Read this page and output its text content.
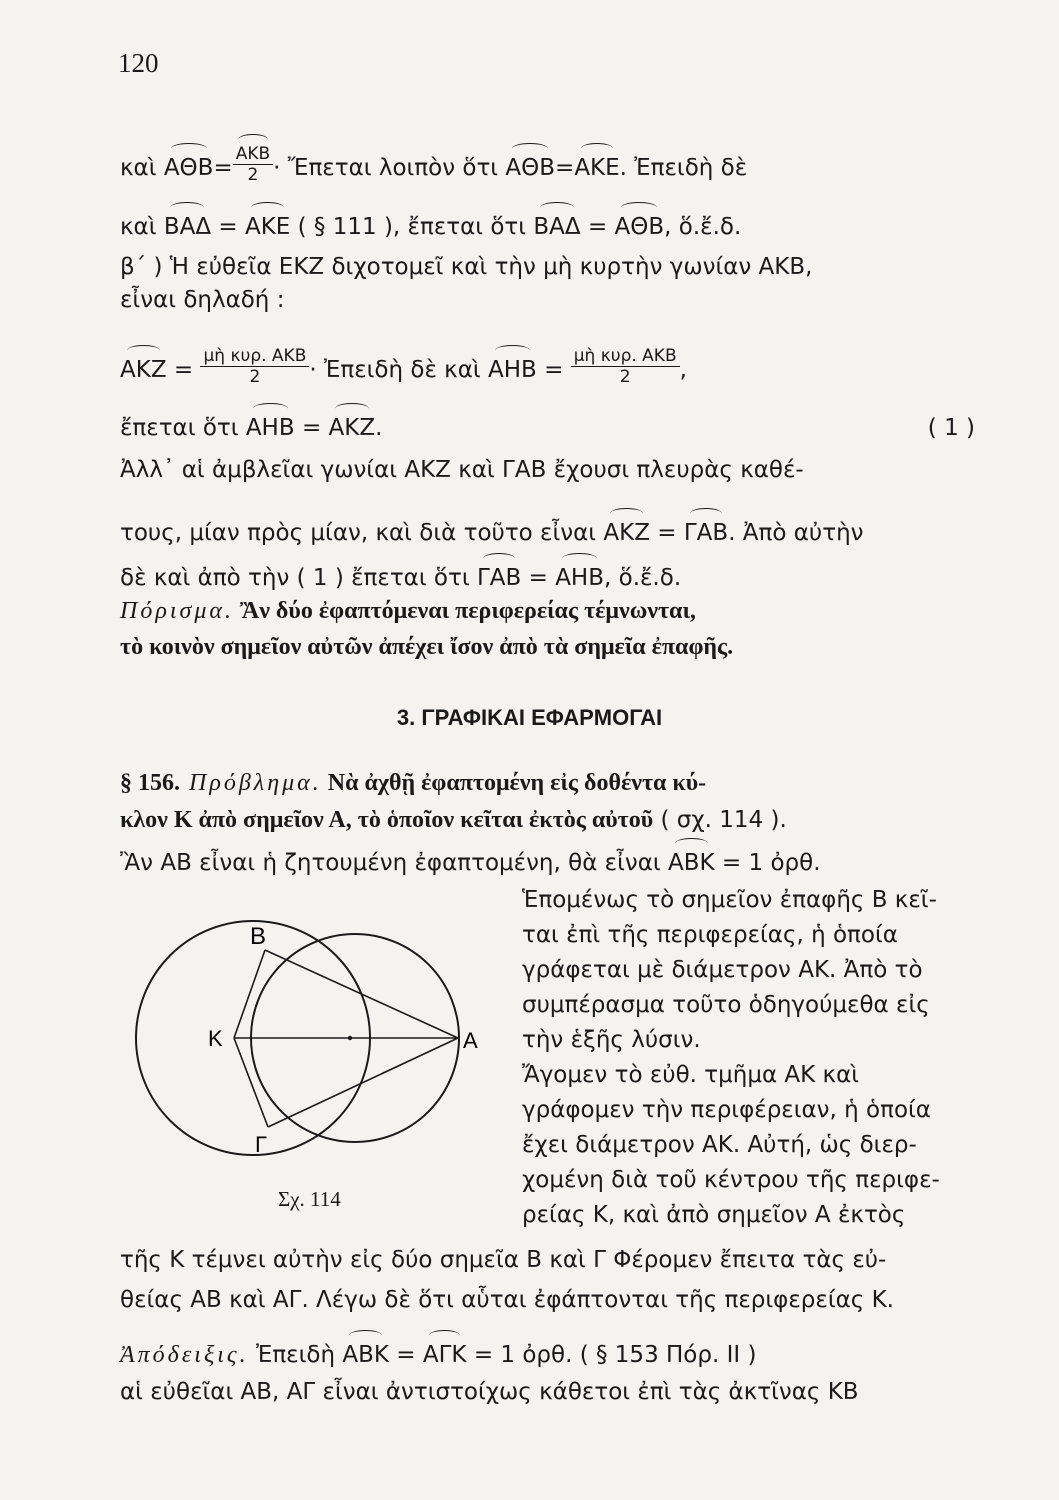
120
καὶ $A\Theta B= \frac{\text{ΑΚΒ}}{2}$ · Ἔπεται λοιπὸν ὅτι ΑΘΒ=ΑΚΕ. Ἐπειδὴ δὲ
καὶ ΒΑΔ = ΑΚΕ ( § 111 ), ἔπεται ὅτι ΒΑΔ = ΑΘΒ, ὅ.ἔ.δ.
β΄ ) Ἡ εὐθεῖα ΕΚΖ διχοτομεῖ καὶ τὴν μὴ κυρτὴν γωνίαν ΑΚΒ,
εἶναι δηλαδή :
$AKZ = \frac{\text{μὴ κυρ. ΑΚΒ}}{2}$ · Ἐπειδὴ δὲ καὶ $AHB = \frac{\text{μὴ κυρ. ΑΚΒ}}{2}$ ,
ἔπεται ὅτι ΑΗΒ = ΑΚΖ.	( 1 )
Ἀλλ᾽ αἱ ἀμβλεῖαι γωνίαι ΑΚΖ καὶ ΓΑΒ ἔχουσι πλευρὰς καθέ-
τους, μίαν πρὸς μίαν, καὶ διὰ τοῦτο εἶναι ΑΚΖ = ΓΑΒ. Ἀπὸ αὐτὴν
δὲ καὶ ἀπὸ τὴν ( 1 ) ἔπεται ὅτι ΓΑΒ = ΑΗΒ, ὅ.ἔ.δ.
Πόρισμα. Ἂν δύο ἐφαπτόμεναι περιφερείας τέμνωνται,
τὸ κοινὸν σημεῖον αὐτῶν ἀπέχει ἴσον ἀπὸ τὰ σημεῖα ἐπαφῆς.
3. ΓΡΑΦΙΚΑΙ ΕΦΑΡΜΟΓΑΙ
§ 156. Πρόβλημα. Νὰ ἀχθῇ ἐφαπτομένη εἰς δοθέντα κύ-
κλον Κ ἀπὸ σημεῖον Α, τὸ ὁποῖον κεῖται ἐκτὸς αὐτοῦ ( σχ. 114 ).
Ἂν ΑΒ εἶναι ἡ ζητουμένη ἐφαπτομένη, θὰ εἶναι ΑΒΚ = 1 ὀρθ.
Ἑπομένως τὸ σημεῖον ἐπαφῆς Β κεῖ-
ται ἐπὶ τῆς περιφερείας, ἡ ὁποία
γράφεται μὲ διάμετρον ΑΚ. Ἀπὸ τὸ
συμπέρασμα τοῦτο ὁδηγούμεθα εἰς
τὴν ἑξῆς λύσιν.
Ἄγομεν τὸ εὐθ. τμῆμα ΑΚ καὶ
γράφομεν τὴν περιφέρειαν, ἡ ὁποία
ἔχει διάμετρον ΑΚ. Αὐτή, ὡς διερ-
χομένη διὰ τοῦ κέντρου τῆς περιφε-
ρείας Κ, καὶ ἀπὸ σημεῖον Α ἐκτὸς
Β
Κ	Α
Γ
Σχ. 114
τῆς Κ τέμνει αὐτὴν εἰς δύο σημεῖα Β καὶ Γ Φέρομεν ἔπειτα τὰς εὐ-
θείας ΑΒ καὶ ΑΓ. Λέγω δὲ ὅτι αὗται ἐφάπτονται τῆς περιφερείας Κ.
Ἀπόδειξις. Ἐπειδὴ ΑΒΚ = ΑΓΚ = 1 ὀρθ. ( § 153 Πόρ. ΙΙ )
αἱ εὐθεῖαι ΑΒ, ΑΓ εἶναι ἀντιστοίχως κάθετοι ἐπὶ τὰς ἀκτῖνας ΚΒ
